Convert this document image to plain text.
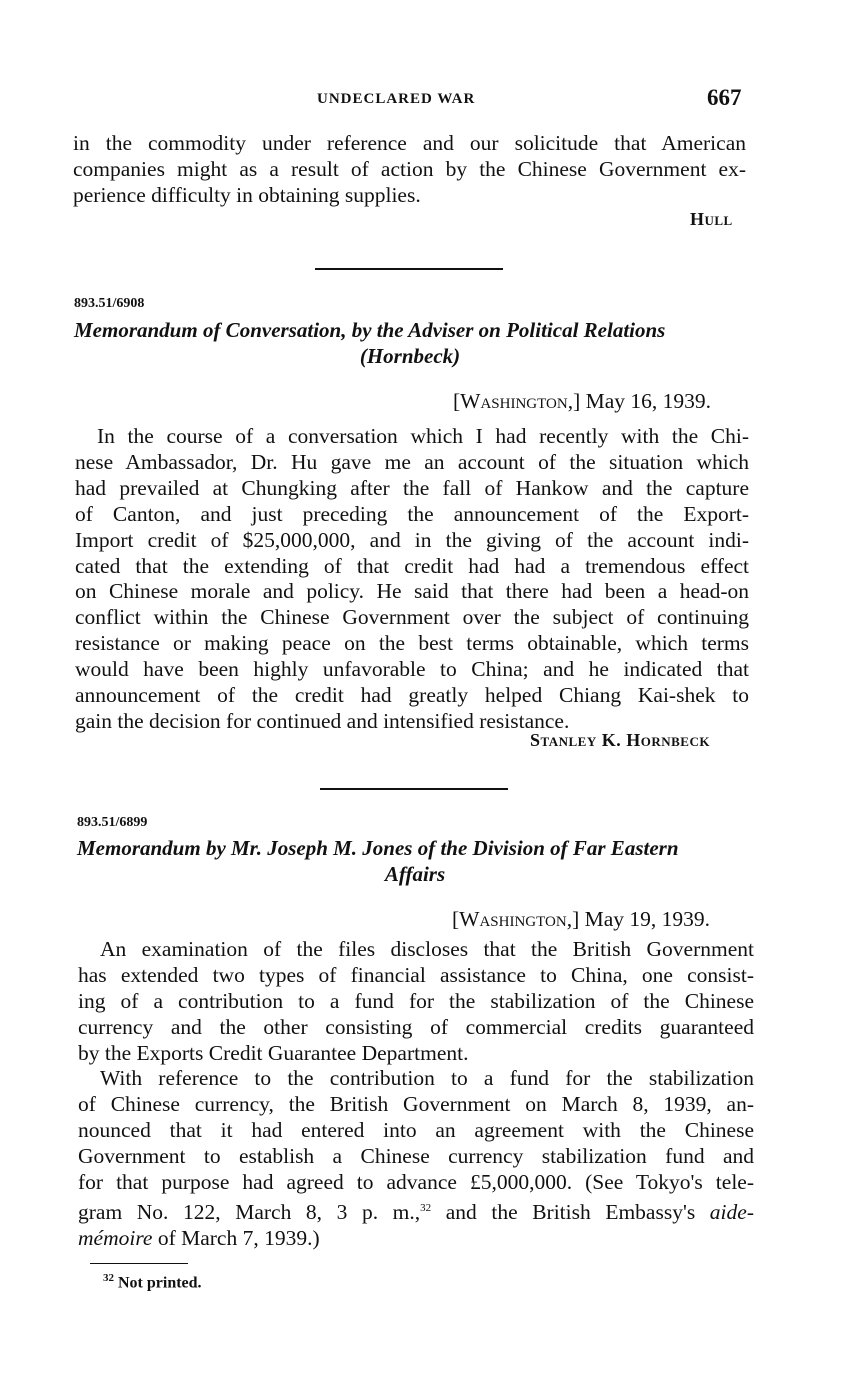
UNDECLARED WAR	667
in the commodity under reference and our solicitude that American
companies might as a result of action by the Chinese Government ex-
perience difficulty in obtaining supplies.
Hull
893.51/6908
Memorandum of Conversation, by the Adviser on Political Relations
(Hornbeck)
[Washington,] May 16, 1939.
In the course of a conversation which I had recently with the Chi-
nese Ambassador, Dr. Hu gave me an account of the situation which
had prevailed at Chungking after the fall of Hankow and the capture
of Canton, and just preceding the announcement of the Export-
Import credit of $25,000,000, and in the giving of the account indi-
cated that the extending of that credit had had a tremendous effect
on Chinese morale and policy. He said that there had been a head-on
conflict within the Chinese Government over the subject of continuing
resistance or making peace on the best terms obtainable, which terms
would have been highly unfavorable to China; and he indicated that
announcement of the credit had greatly helped Chiang Kai-shek to
gain the decision for continued and intensified resistance.
Stanley K. Hornbeck
893.51/6899
Memorandum by Mr. Joseph M. Jones of the Division of Far Eastern
Affairs
[Washington,] May 19, 1939.
An examination of the files discloses that the British Government
has extended two types of financial assistance to China, one consist-
ing of a contribution to a fund for the stabilization of the Chinese
currency and the other consisting of commercial credits guaranteed
by the Exports Credit Guarantee Department.
With reference to the contribution to a fund for the stabilization
of Chinese currency, the British Government on March 8, 1939, an-
nounced that it had entered into an agreement with the Chinese
Government to establish a Chinese currency stabilization fund and
for that purpose had agreed to advance £5,000,000. (See Tokyo's tele-
gram No. 122, March 8, 3 p. m.,$^{32}$ and the British Embassy's aide-
mémoire of March 7, 1939.)
$^{32}$ Not printed.
